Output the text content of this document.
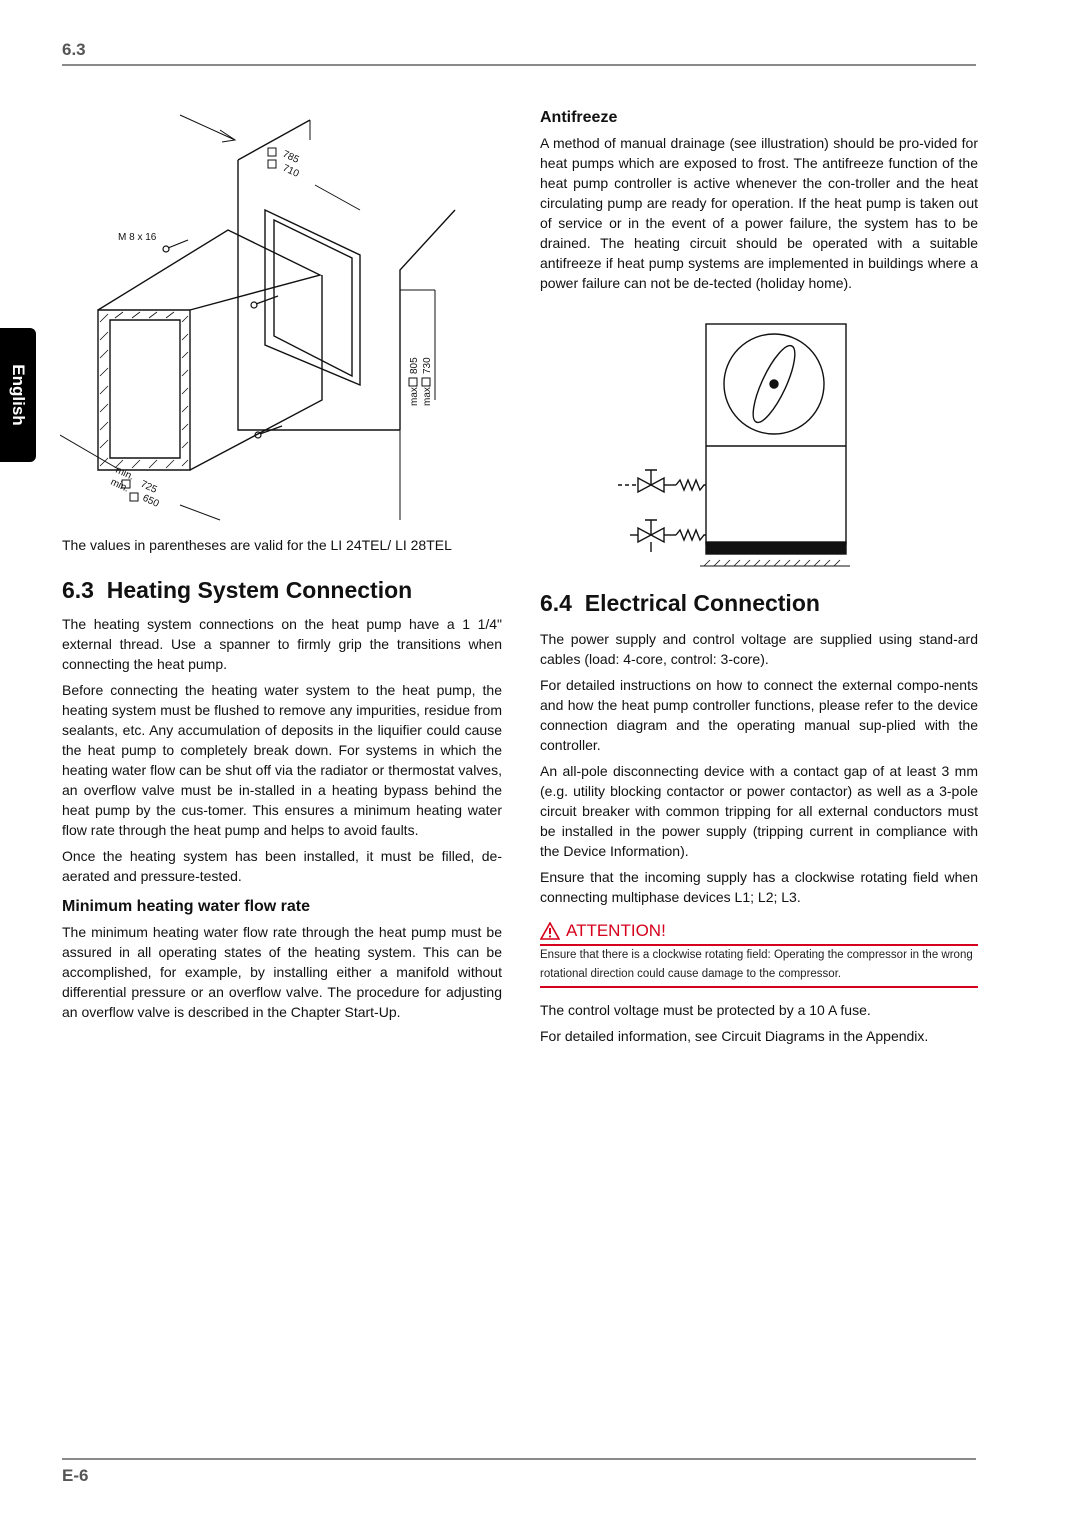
6.3
English
M 8 x 16
785
710
max.
805
max.
730
min.
725
min.
650
The values in parentheses are valid for the LI 24TEL/ LI 28TEL
6.3  Heating System Connection

The heating system connections on the heat pump have a 1 1/4" external thread. Use a spanner to firmly grip the transitions when connecting the heat pump.

Before connecting the heating water system to the heat pump, the heating system must be flushed to remove any impurities, residue from sealants, etc. Any accumulation of deposits in the liquifier could cause the heat pump to completely break down. For systems in which the heating water flow can be shut off via the radiator or thermostat valves, an overflow valve must be in-stalled in a heating bypass behind the heat pump by the cus-tomer. This ensures a minimum heating water flow rate through the heat pump and helps to avoid faults.

Once the heating system has been installed, it must be filled, de-aerated and pressure-tested.

Minimum heating water flow rate

The minimum heating water flow rate through the heat pump must be assured in all operating states of the heating system. This can be accomplished, for example, by installing either a manifold without differential pressure or an overflow valve. The procedure for adjusting an overflow valve is described in the Chapter Start-Up.

Antifreeze

A method of manual drainage (see illustration) should be pro-vided for heat pumps which are exposed to frost. The antifreeze function of the heat pump controller is active whenever the con-troller and the heat circulating pump are ready for operation. If the heat pump is taken out of service or in the event of a power failure, the system has to be drained. The heating circuit should be operated with a suitable antifreeze if heat pump systems are implemented in buildings where a power failure can not be de-tected (holiday home).

6.4  Electrical Connection

The power supply and control voltage are supplied using stand-ard cables (load: 4-core, control: 3-core).

For detailed instructions on how to connect the external compo-nents and how the heat pump controller functions, please refer to the device connection diagram and the operating manual sup-plied with the controller.

An all-pole disconnecting device with a contact gap of at least 3 mm (e.g. utility blocking contactor or power contactor) as well as a 3-pole circuit breaker with common tripping for all external conductors must be installed in the power supply (tripping current in compliance with the Device Information).

Ensure that the incoming supply has a clockwise rotating field when connecting multiphase devices L1; L2; L3.

ATTENTION!

Ensure that there is a clockwise rotating field: Operating the compressor in the wrong rotational direction could cause damage to the compressor.

The control voltage must be protected by a 10 A fuse.

For detailed information, see Circuit Diagrams in the Appendix.

E-6
